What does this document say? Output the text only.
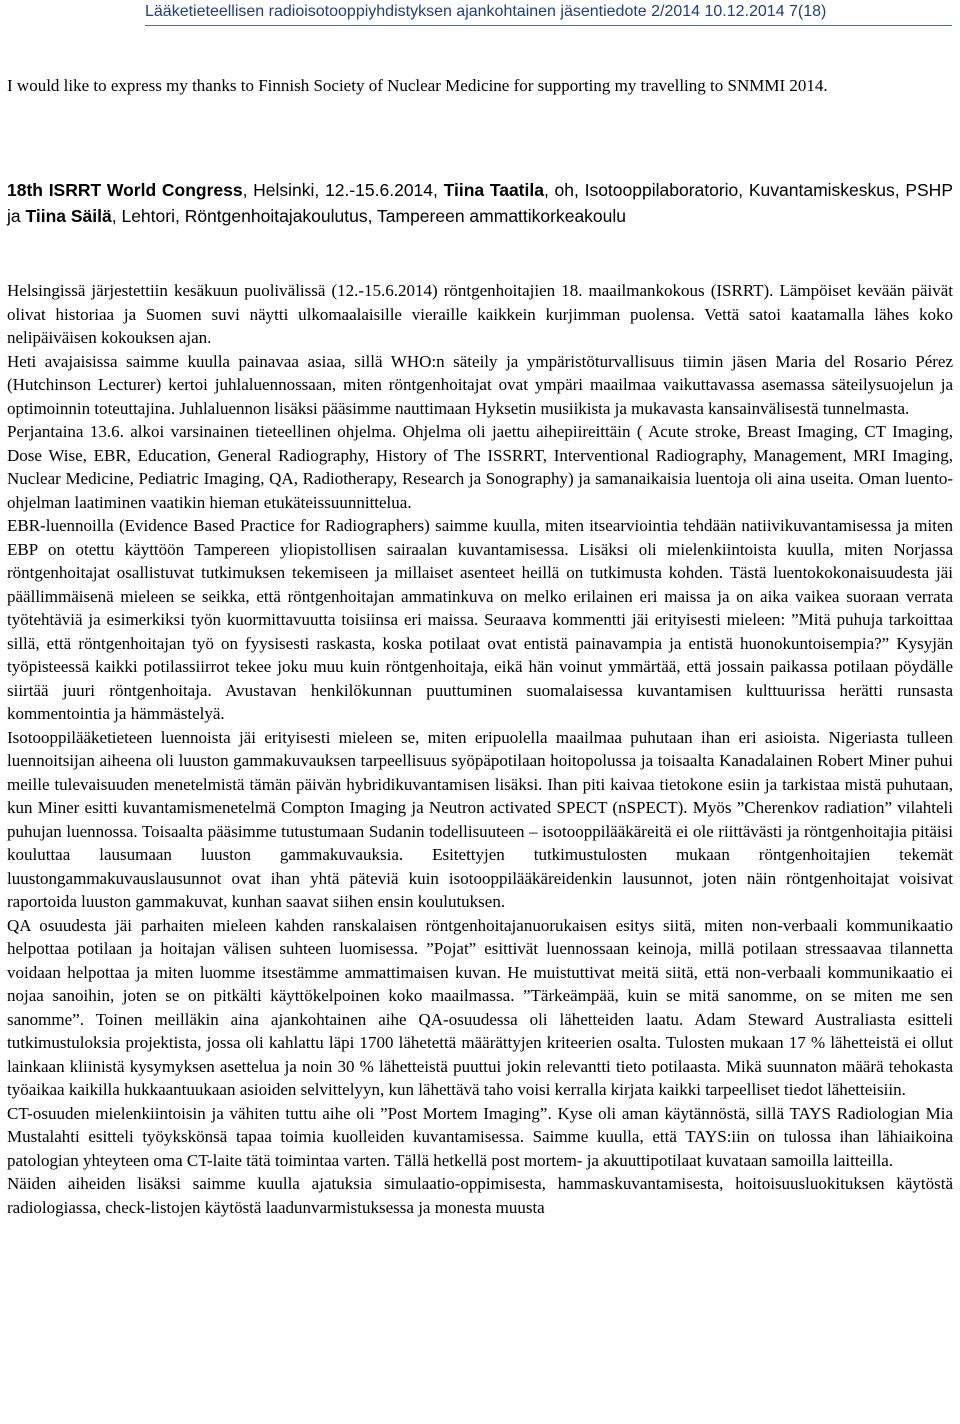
Lääketieteellisen radioisotooppiyhdistyksen ajankohtainen jäsentiedote 2/2014 10.12.2014 7(18)
I would like to express my thanks to Finnish Society of Nuclear Medicine for supporting my travelling to SNMMI 2014.
18th ISRRT World Congress, Helsinki, 12.-15.6.2014, Tiina Taatila, oh, Isotooppilaboratorio, Kuvantamiskeskus, PSHP ja Tiina Säilä, Lehtori, Röntgenhoitajakoulutus, Tampereen ammattikorkeakoulu

Helsingissä järjestettiin kesäkuun puolivälissä (12.-15.6.2014) röntgenhoitajien 18. maailmankokous (ISRRT). Lämpöiset kevään päivät olivat historiaa ja Suomen suvi näytti ulkomaalaisille vieraille kaikkein kurjimman puolensa. Vettä satoi kaatamalla lähes koko nelipäiväisen kokouksen ajan.

Heti avajaisissa saimme kuulla painavaa asiaa, sillä WHO:n säteily ja ympäristöturvallisuus tiimin jäsen Maria del Rosario Pérez (Hutchinson Lecturer) kertoi juhlaluennossaan, miten röntgenhoitajat ovat ympäri maailmaa vaikuttavassa asemassa säteilysuojelun ja optimoinnin toteuttajina. Juhlaluennon lisäksi pääsimme nauttimaan Hyksetin musiikista ja mukavasta kansainvälisestä tunnelmasta.

Perjantaina 13.6. alkoi varsinainen tieteellinen ohjelma. Ohjelma oli jaettu aihepiireittäin ( Acute stroke, Breast Imaging, CT Imaging, Dose Wise, EBR, Education, General Radiography, History of The ISSRRT, Interventional Radiography, Management, MRI Imaging, Nuclear Medicine, Pediatric Imaging, QA, Radiotherapy, Research ja Sonography) ja samanaikaisia luentoja oli aina useita. Oman luento-ohjelman laatiminen vaatikin hieman etukäteissuunnittelua.

EBR-luennoilla (Evidence Based Practice for Radiographers) saimme kuulla, miten itsearviointia tehdään natiivikuvantamisessa ja miten EBP on otettu käyttöön Tampereen yliopistollisen sairaalan kuvantamisessa. Lisäksi oli mielenkiintoista kuulla, miten Norjassa röntgenhoitajat osallistuvat tutkimuksen tekemiseen ja millaiset asenteet heillä on tutkimusta kohden. Tästä luentokokonaisuudesta jäi päällimmäisenä mieleen se seikka, että röntgenhoitajan ammatinkuva on melko erilainen eri maissa ja on aika vaikea suoraan verrata työtehtäviä ja esimerkiksi työn kuormittavuutta toisiinsa eri maissa. Seuraava kommentti jäi erityisesti mieleen: ”Mitä puhuja tarkoittaa sillä, että röntgenhoitajan työ on fyysisesti raskasta, koska potilaat ovat entistä painavampia ja entistä huonokuntoisempia?” Kysyjän työpisteessä kaikki potilassiirrot tekee joku muu kuin röntgenhoitaja, eikä hän voinut ymmärtää, että jossain paikassa potilaan pöydälle siirtää juuri röntgenhoitaja. Avustavan henkilökunnan puuttuminen suomalaisessa kuvantamisen kulttuurissa herätti runsasta kommentointia ja hämmästelyä.

Isotooppilääketieteen luennoista jäi erityisesti mieleen se, miten eripuolella maailmaa puhutaan ihan eri asioista. Nigeriasta tulleen luennoitsijan aiheena oli luuston gammakuvauksen tarpeellisuus syöpäpotilaan hoitopolussa ja toisaalta Kanadalainen Robert Miner puhui meille tulevaisuuden menetelmistä tämän päivän hybridikuvantamisen lisäksi. Ihan piti kaivaa tietokone esiin ja tarkistaa mistä puhutaan, kun Miner esitti kuvantamismenetelmä Compton Imaging ja Neutron activated SPECT (nSPECT). Myös ”Cherenkov radiation” vilahteli puhujan luennossa. Toisaalta pääsimme tutustumaan Sudanin todellisuuteen – isotooppilääkäreitä ei ole riittävästi ja röntgenhoitajia pitäisi kouluttaa lausumaan luuston gammakuvauksia. Esitettyjen tutkimustulosten mukaan röntgenhoitajien tekemät luustongammakuvauslausunnot ovat ihan yhtä päteviä kuin isotooppilääkäreidenkin lausunnot, joten näin röntgenhoitajat voisivat raportoida luuston gammakuvat, kunhan saavat siihen ensin koulutuksen.

QA osuudesta jäi parhaiten mieleen kahden ranskalaisen röntgenhoitajanuorukaisen esitys siitä, miten non-verbaali kommunikaatio helpottaa potilaan ja hoitajan välisen suhteen luomisessa. ”Pojat” esittivät luennossaan keinoja, millä potilaan stressaavaa tilannetta voidaan helpottaa ja miten luomme itsestämme ammattimaisen kuvan. He muistuttivat meitä siitä, että non-verbaali kommunikaatio ei nojaa sanoihin, joten se on pitkälti käyttökelpoinen koko maailmassa. ”Tärkeämpää, kuin se mitä sanomme, on se miten me sen sanomme”. Toinen meilläkin aina ajankohtainen aihe QA-osuudessa oli lähetteiden laatu. Adam Steward Australiasta esitteli tutkimustuloksia projektista, jossa oli kahlattu läpi 1700 lähetettä määrättyjen kriteerien osalta. Tulosten mukaan 17 % lähetteistä ei ollut lainkaan kliinistä kysymyksen asettelua ja noin 30 % lähetteistä puuttui jokin relevantti tieto potilaasta. Mikä suunnaton määrä tehokasta työaikaa kaikilla hukkaantuukaan asioiden selvittelyyn, kun lähettävä taho voisi kerralla kirjata kaikki tarpeelliset tiedot lähetteisiin.

CT-osuuden mielenkiintoisin ja vähiten tuttu aihe oli ”Post Mortem Imaging”. Kyse oli aman käytännöstä, sillä TAYS Radiologian Mia Mustalahti esitteli työykskönsä tapaa toimia kuolleiden kuvantamisessa. Saimme kuulla, että TAYS:iin on tulossa ihan lähiaikoina patologian yhteyteen oma CT-laite tätä toimintaa varten. Tällä hetkellä post mortem- ja akuuttipotilaat kuvataan samoilla laitteilla.

Näiden aiheiden lisäksi saimme kuulla ajatuksia simulaatio-oppimisesta, hammaskuvantamisesta, hoitoisuusluokituksen käytöstä radiologiassa, check-listojen käytöstä laadunvarmistuksessa ja monesta muusta
